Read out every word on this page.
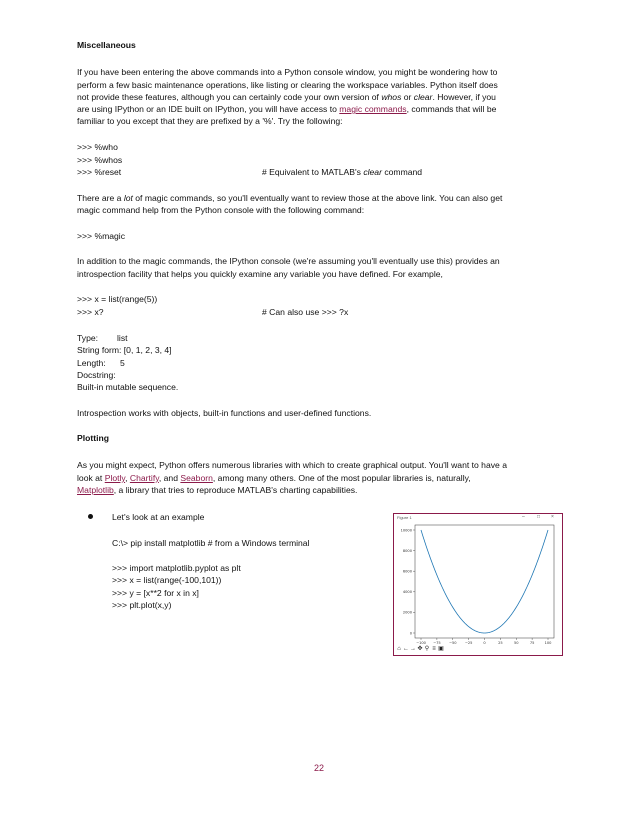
Miscellaneous
If you have been entering the above commands into a Python console window, you might be wondering how to
perform a few basic maintenance operations, like listing or clearing the workspace variables. Python itself does
not provide these features, although you can certainly code your own version of whos or clear. However, if you
are using IPython or an IDE built on IPython, you will have access to magic commands, commands that will be
familiar to you except that they are prefixed by a '%'. Try the following:
>>> %who
>>> %whos
>>> %reset	# Equivalent to MATLAB's clear command
There are a lot of magic commands, so you'll eventually want to review those at the above link. You can also get
magic command help from the Python console with the following command:
>>> %magic
In addition to the magic commands, the IPython console (we're assuming you'll eventually use this) provides an
introspection facility that helps you quickly examine any variable you have defined. For example,
>>> x = list(range(5))
>>> x?	# Can also use >>> ?x
Type: list
String form: [0, 1, 2, 3, 4]
Length: 5
Docstring:
Built-in mutable sequence.
Introspection works with objects, built-in functions and user-defined functions.
Plotting
As you might expect, Python offers numerous libraries with which to create graphical output. You'll want to have a
look at Plotly, Chartify, and Seaborn, among many others. One of the most popular libraries is, naturally,
Matplotlib, a library that tries to reproduce MATLAB's charting capabilities.
Let's look at an example
C:\> pip install matplotlib # from a Windows terminal
>>> import matplotlib.pyplot as plt
>>> x = list(range(-100,101))
>>> y = [x**2 for x in x]
>>> plt.plot(x,y)
Figure 1	– □ ×
0
2000
4000
6000
8000
10000
−100 −75 −50 −25	0	25	50	75	100
⌂ ← → ✥ ⚲ ≡ ▣
22
